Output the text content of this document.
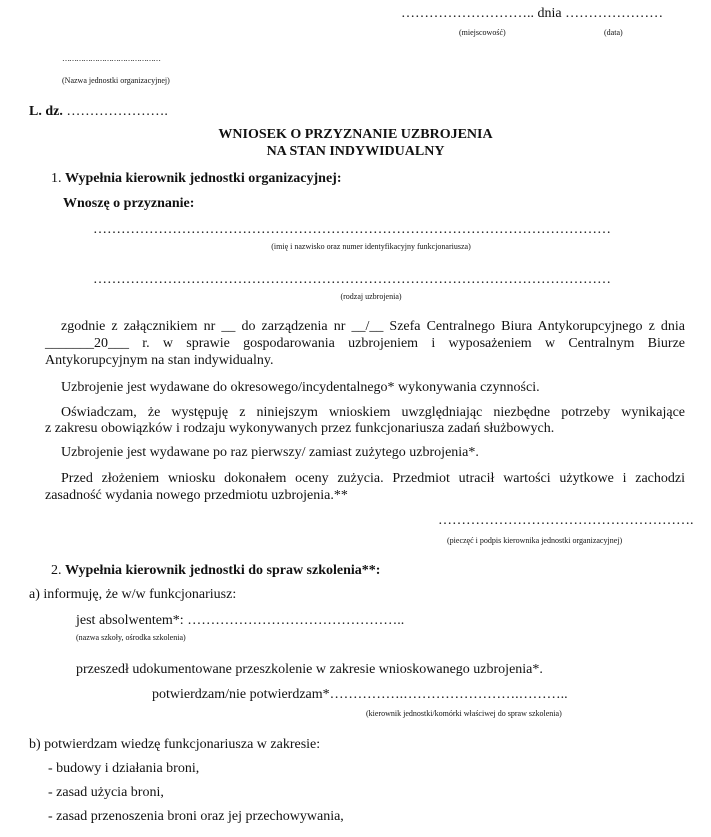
……………………….. dnia …………………
(miejscowość)	(data)
……………………………………
(Nazwa jednostki organizacyjnej)
L. dz. ………………….
WNIOSEK O PRZYZNANIE UZBROJENIA
NA STAN INDYWIDUALNY
1. Wypełnia kierownik jednostki organizacyjnej:
Wnoszę o przyznanie:
…………………………………………………………………………………………………
(imię i nazwisko oraz numer identyfikacyjny funkcjonariusza)
…………………………………………………………………………………………………
(rodzaj uzbrojenia)
zgodnie z załącznikiem nr __ do zarządzenia nr __/__ Szefa Centralnego Biura Antykorupcyjnego z dnia
_______20___ r. w sprawie gospodarowania uzbrojeniem i wyposażeniem w Centralnym Biurze
Antykorupcyjnym na stan indywidualny.
Uzbrojenie jest wydawane do okresowego/incydentalnego* wykonywania czynności.
Oświadczam, że występuję z niniejszym wnioskiem uwzględniając niezbędne potrzeby wynikające
z zakresu obowiązków i rodzaju wykonywanych przez funkcjonariusza zadań służbowych.
Uzbrojenie jest wydawane po raz pierwszy/ zamiast zużytego uzbrojenia*.
Przed złożeniem wniosku dokonałem oceny zużycia. Przedmiot utracił wartości użytkowe i zachodzi
zasadność wydania nowego przedmiotu uzbrojenia.**
……………………………………………….
(pieczęć i podpis kierownika jednostki organizacyjnej)
2. Wypełnia kierownik jednostki do spraw szkolenia**:
a) informuję, że w/w funkcjonariusz:
jest absolwentem*: ………………………………………..
(nazwa szkoły, ośrodka szkolenia)
przeszedł udokumentowane przeszkolenie w zakresie wnioskowanego uzbrojenia*.
potwierdzam/nie potwierdzam*…………….…………………….………..
(kierownik jednostki/komórki właściwej do spraw szkolenia)
b) potwierdzam wiedzę funkcjonariusza w zakresie:
- budowy i działania broni,
- zasad użycia broni,
- zasad przenoszenia broni oraz jej przechowywania,
